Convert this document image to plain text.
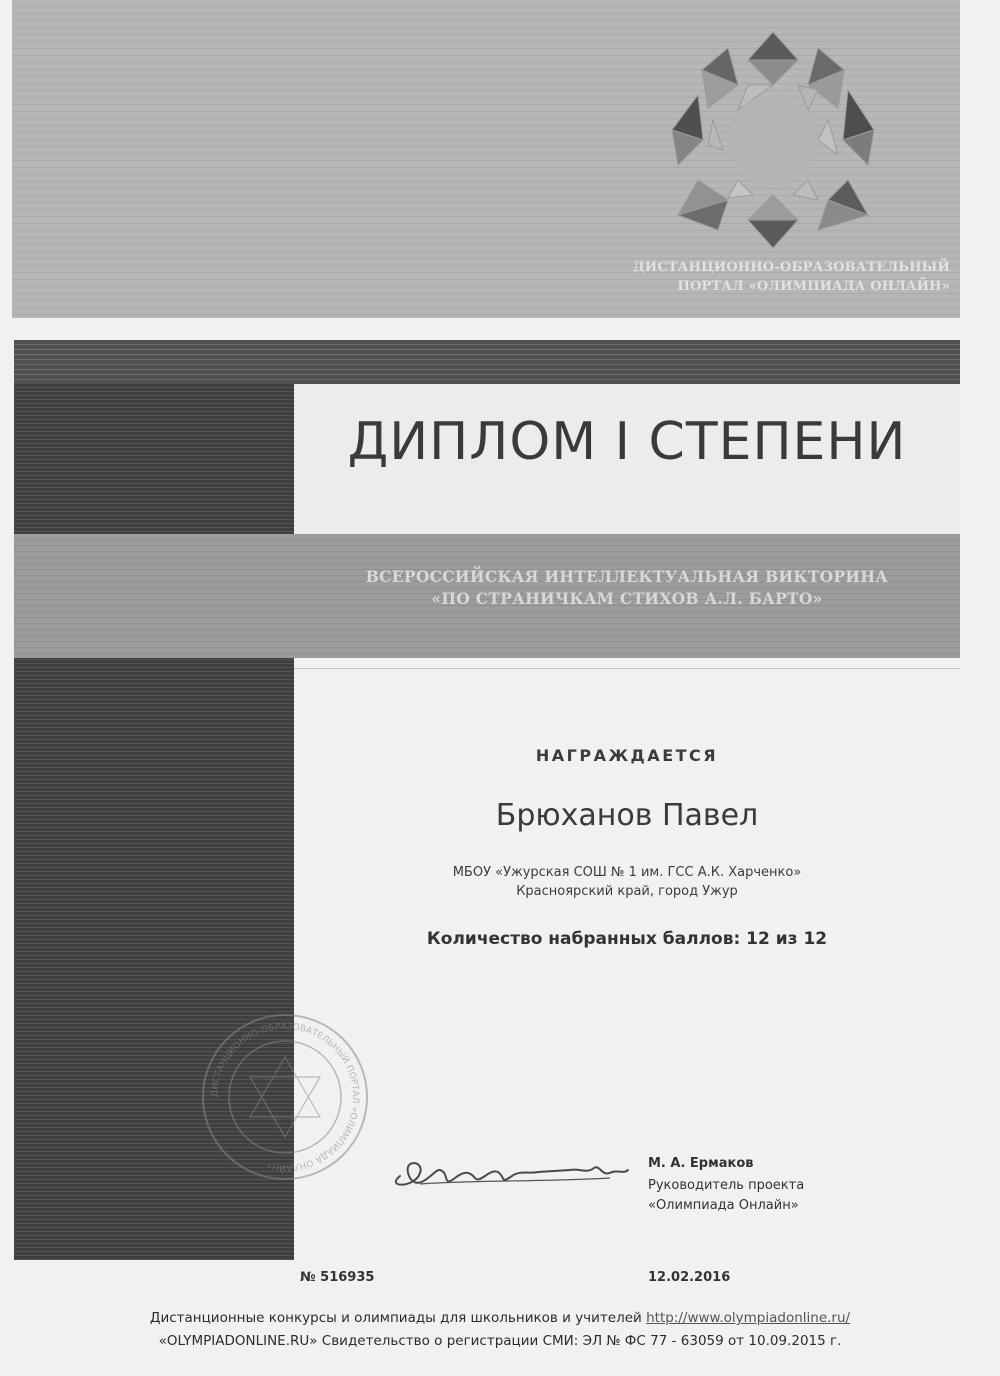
ДИСТАНЦИОННО-ОБРАЗОВАТЕЛЬНЫЙ
ПОРТАЛ «ОЛИМПИАДА ОНЛАЙН»
ДИПЛОМ I СТЕПЕНИ
ВСЕРОССИЙСКАЯ ИНТЕЛЛЕКТУАЛЬНАЯ ВИКТОРИНА
«ПО СТРАНИЧКАМ СТИХОВ А.Л. БАРТО»
НАГРАЖДАЕТСЯ
Брюханов Павел
МБОУ «Ужурская СОШ № 1 им. ГСС А.К. Харченко»
Красноярский край, город Ужур
Количество набранных баллов: 12 из 12
ДИСТАНЦИОННО-ОБРАЗОВАТЕЛЬНЫЙ ПОРТАЛ «ОЛИМПИАДА ОНЛАЙН»	М. А. Ермаков
Руководитель проекта
«Олимпиада Онлайн»
№ 516935	12.02.2016
Дистанционные конкурсы и олимпиады для школьников и учителей http://www.olympiadonline.ru/
«OLYMPIADONLINE.RU» Свидетельство о регистрации СМИ: ЭЛ № ФС 77 - 63059 от 10.09.2015 г.
